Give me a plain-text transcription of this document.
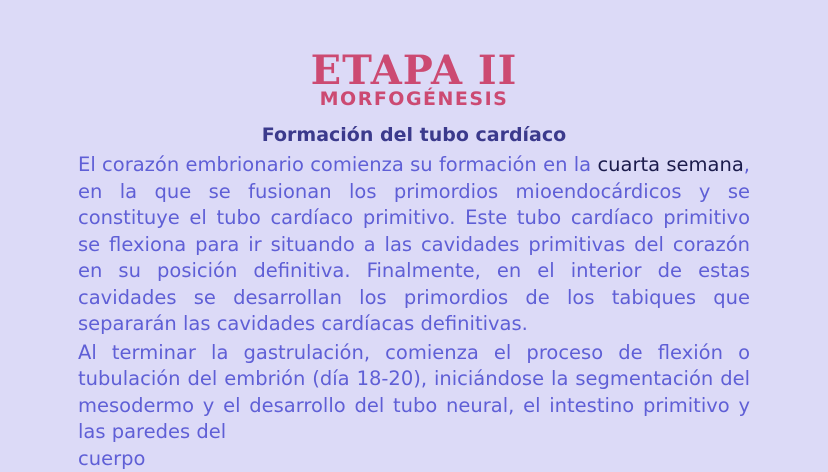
ETAPA II
MORFOGÉNESIS
Formación del tubo cardíaco

El corazón embrionario comienza su formación en la cuarta semana, en la que se fusionan los primordios mioendocárdicos y se constituye el tubo cardíaco primitivo. Este tubo cardíaco primitivo se flexiona para ir situando a las cavidades primitivas del corazón en su posición definitiva. Finalmente, en el interior de estas cavidades se desarrollan los primordios de los tabiques que separarán las cavidades cardíacas definitivas.

Al terminar la gastrulación, comienza el proceso de flexión o tubulación del embrión (día 18-20), iniciándose la segmentación del mesodermo y el desarrollo del tubo neural, el intestino primitivo y las paredes del

cuerpo
